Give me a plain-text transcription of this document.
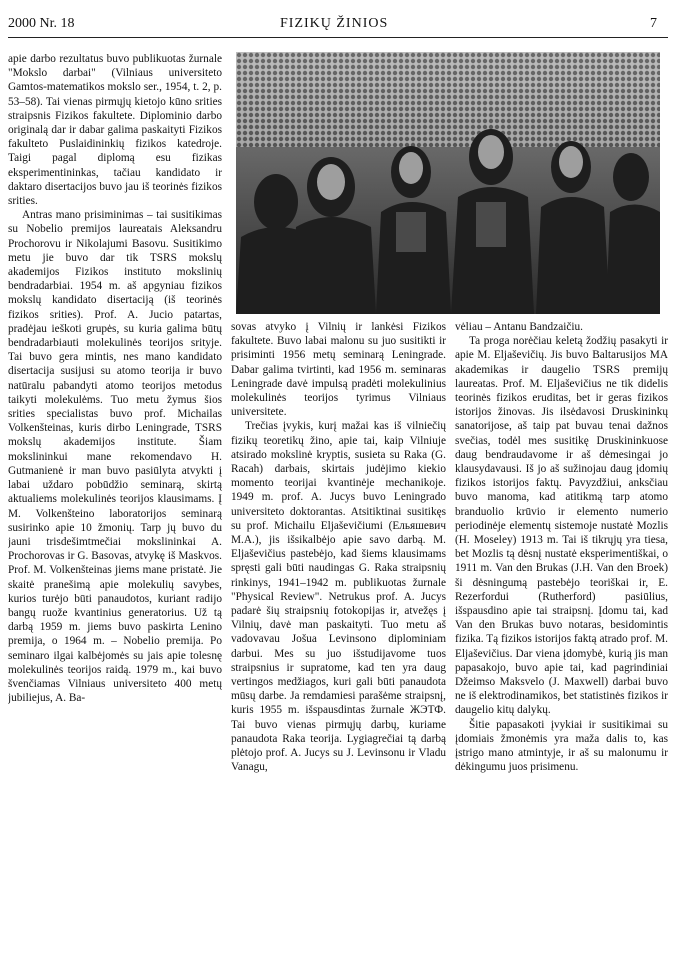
2000 Nr. 18	FIZIKŲ ŽINIOS	7

apie darbo rezultatus buvo publikuotas žurnale "Mokslo darbai" (Vilniaus universiteto Gamtos-matematikos mokslo ser., 1954, t. 2, p. 53–58). Tai vienas pirmųjų kietojo kūno srities straipsnis Fizikos fakultete. Diplominio darbo originalą dar ir dabar galima paskaityti Fizikos fakulteto Puslaidininkių fizikos katedroje. Taigi pagal diplomą esu fizikas eksperimentininkas, tačiau kandidato ir daktaro disertacijos buvo jau iš teorinės fizikos srities.

Antras mano prisiminimas – tai susitikimas su Nobelio premijos laureatais Aleksandru Prochorovu ir Nikolajumi Basovu. Susitikimo metu jie buvo dar tik TSRS mokslų akademijos Fizikos instituto mokslinių bendradarbiai. 1954 m. aš apgyniau fizikos mokslų kandidato disertaciją (iš teorinės fizikos srities). Prof. A. Jucio patartas, pradėjau ieškoti grupės, su kuria galima būtų bendradarbiauti molekulinės teorijos srityje. Tai buvo gera mintis, nes mano kandidato disertacija susijusi su atomo teorija ir buvo natūralu pabandyti atomo teorijos metodus taikyti molekulėms. Tuo metu žymus šios srities specialistas buvo prof. Michailas Volkenšteinas, kuris dirbo Leningrade, TSRS mokslų akademijos institute. Šiam mokslininkui mane rekomendavo H. Gutmanienė ir man buvo pasiūlyta atvykti į labai uždaro pobūdžio seminarą, skirtą aktualiems molekulinės teorijos klausimams. Į M. Volkenšteino laboratorijos seminarą susirinko apie 10 žmonių. Tarp jų buvo du jauni trisdešimtmečiai mokslininkai A. Prochorovas ir G. Basovas, atvykę iš Maskvos. Prof. M. Volkenšteinas jiems mane pristatė. Jie skaitė pranešimą apie molekulių savybes, kurios turėjo būti panaudotos, kuriant radijo bangų ruože kvantinius generatorius. Už tą darbą 1959 m. jiems buvo paskirta Lenino premija, o 1964 m. – Nobelio premija. Po seminaro ilgai kalbėjomės su jais apie tolesnę molekulinės teorijos raidą. 1979 m., kai buvo švenčiamas Vilniaus universiteto 400 metų jubiliejus, A. Ba-

sovas atvyko į Vilnių ir lankėsi Fizikos fakultete. Buvo labai malonu su juo susitikti ir prisiminti 1956 metų seminarą Leningrade. Dabar galima tvirtinti, kad 1956 m. seminaras Leningrade davė impulsą pradėti molekulinius molekulinės teorijos tyrimus Vilniaus universitete.

Trečias įvykis, kurį mažai kas iš vilniečių fizikų teoretikų žino, apie tai, kaip Vilniuje atsirado mokslinė kryptis, susieta su Raka (G. Racah) darbais, skirtais judėjimo kiekio momento teorijai kvantinėje mechanikoje. 1949 m. prof. A. Jucys buvo Leningrado universiteto doktorantas. Atsitiktinai susitikęs su prof. Michailu Eljaševičiumi (Ельяшевич М.А.), jis išsikalbėjo apie savo darbą. M. Eljaševičius pastebėjo, kad šiems klausimams spręsti gali būti naudingas G. Raka straipsnių rinkinys, 1941–1942 m. publikuotas žurnale "Physical Review". Netrukus prof. A. Jucys padarė šių straipsnių fotokopijas ir, atvežęs į Vilnių, davė man paskaityti. Tuo metu aš vadovavau Jošua Levinsono diplominiam darbui. Mes su juo išstudijavome tuos straipsnius ir supratome, kad ten yra daug vertingos medžiagos, kuri gali būti panaudota mūsų darbe. Ja remdamiesi parašėme straipsnį, kuris 1955 m. išspausdintas žurnale ЖЭТФ. Tai buvo vienas pirmųjų darbų, kuriame panaudota Raka teorija. Lygiagrečiai tą darbą plėtojo prof. A. Jucys su J. Levinsonu ir Vladu Vanagu,

vėliau – Antanu Bandzaičiu.

Ta proga norėčiau keletą žodžių pasakyti ir apie M. Eljaševičių. Jis buvo Baltarusijos MA akademikas ir daugelio TSRS premijų laureatas. Prof. M. Eljaševičius ne tik didelis teorinės fizikos eruditas, bet ir geras fizikos istorijos žinovas. Jis ilsėdavosi Druskininkų sanatorijose, aš taip pat buvau tenai dažnos svečias, todėl mes susitikę Druskininkuose daug bendraudavome ir aš dėmesingai jo klausydavausi. Iš jo aš sužinojau daug įdomių fizikos istorijos faktų. Pavyzdžiui, anksčiau buvo manoma, kad atitikmą tarp atomo branduolio krūvio ir elemento numerio periodinėje elementų sistemoje nustatė Mozlis (H. Moseley) 1913 m. Tai iš tikrųjų yra tiesa, bet Mozlis tą dėsnį nustatė eksperimentiškai, o 1911 m. Van den Brukas (J.H. Van den Broek) ši dėsningumą pastebėjo teoriškai ir, E. Rezerfordui (Rutherford) pasiūlius, išspausdino apie tai straipsnį. Įdomu tai, kad Van den Brukas buvo notaras, besidomintis fizika. Tą fizikos istorijos faktą atrado prof. M. Eljaševičius. Dar viena įdomybė, kurią jis man papasakojo, buvo apie tai, kad pagrindiniai Džeimso Maksvelo (J. Maxwell) darbai buvo ne iš elektrodinamikos, bet statistinės fizikos ir daugelio kitų dalykų.

Šitie papasakoti įvykiai ir susitikimai su įdomiais žmonėmis yra maža dalis to, kas įstrigo mano atmintyje, ir aš su malonumu ir dėkingumu juos prisimenu.
